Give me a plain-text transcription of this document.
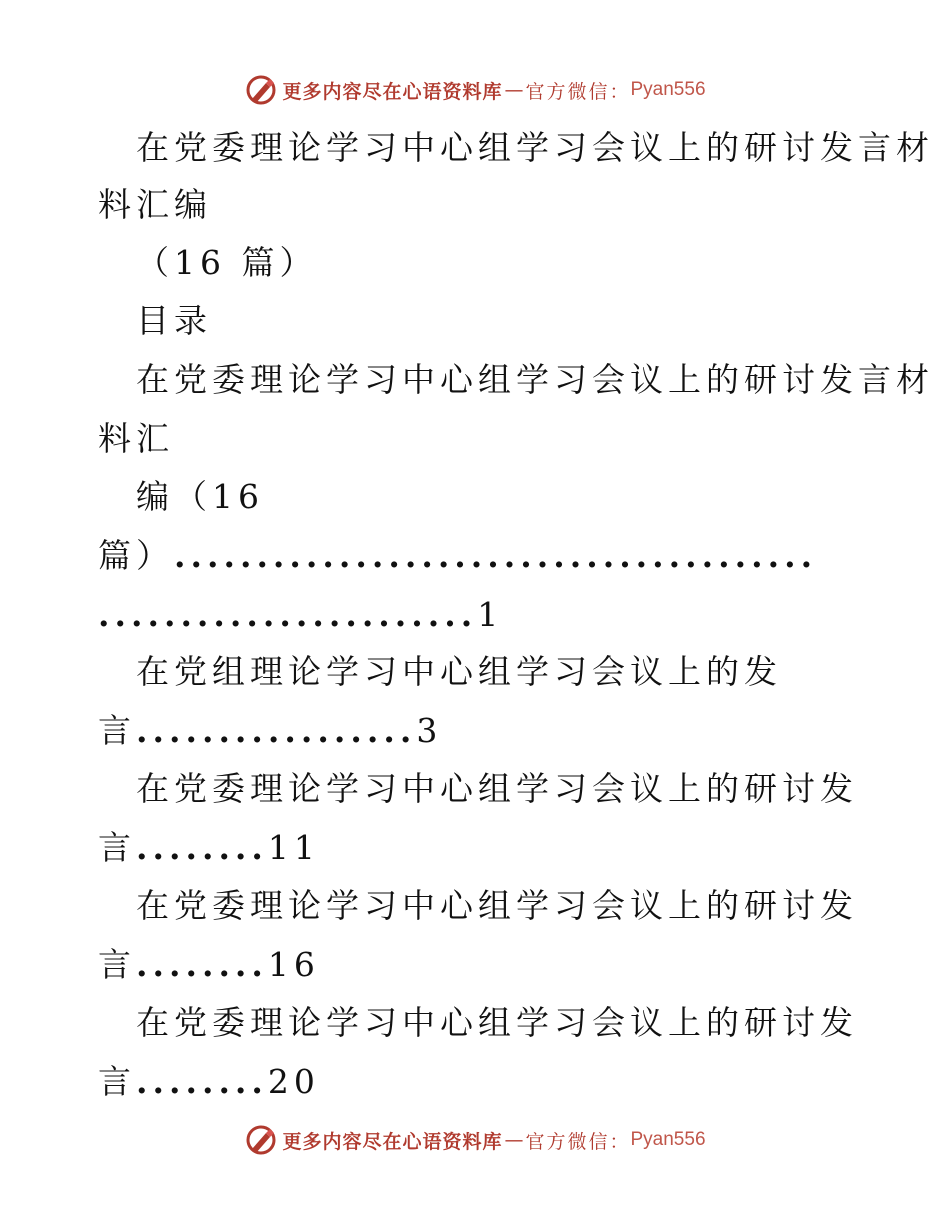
更多内容尽在心语资料库 — 官方微信： Pyan556
在党委理论学习中心组学习会议上的研讨发言材
料汇编
（16 篇）
目录
在党委理论学习中心组学习会议上的研讨发言材
料汇
编（16
篇）.......................................
.......................1
在党组理论学习中心组学习会议上的发
言.................3
在党委理论学习中心组学习会议上的研讨发
言........11
在党委理论学习中心组学习会议上的研讨发
言........16
在党委理论学习中心组学习会议上的研讨发
言........20
更多内容尽在心语资料库 — 官方微信： Pyan556
